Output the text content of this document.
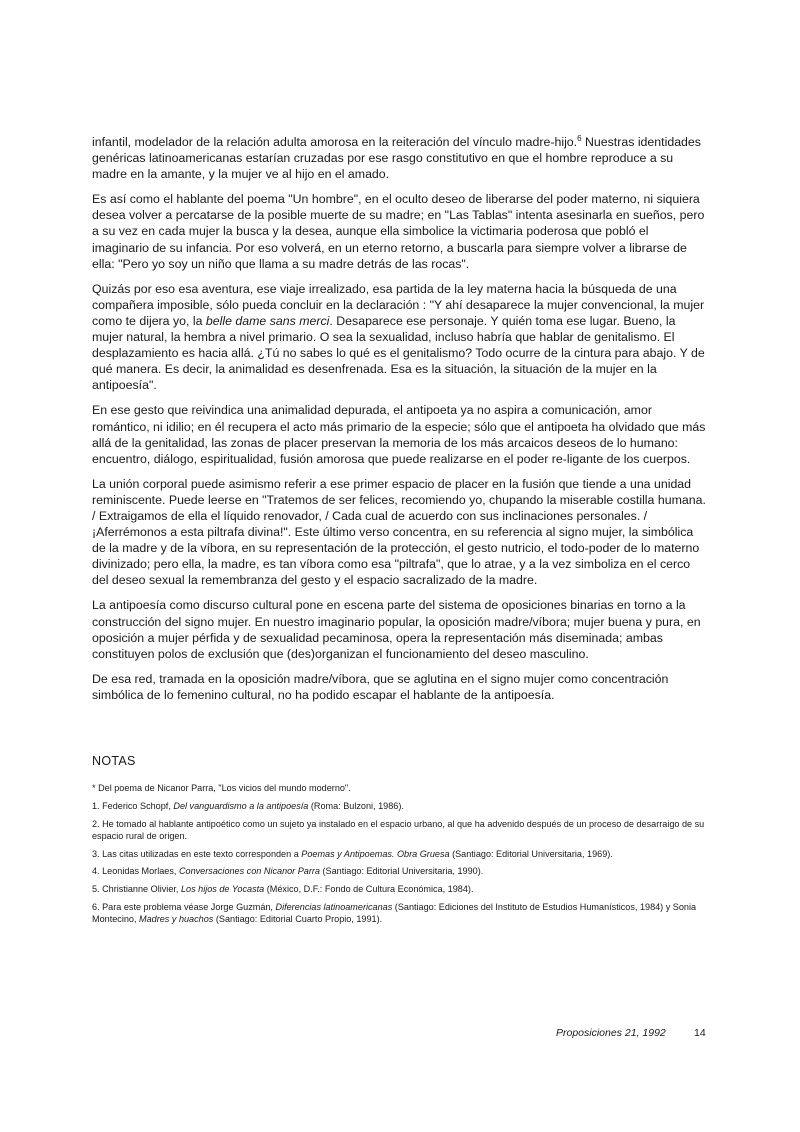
infantil, modelador de la relación adulta amorosa en la reiteración del vínculo madre-hijo.$^6$ Nuestras identidades genéricas latinoamericanas estarían cruzadas por ese rasgo constitutivo en que el hombre reproduce a su madre en la amante, y la mujer ve al hijo en el amado.

Es así como el hablante del poema "Un hombre", en el oculto deseo de liberarse del poder materno, ni siquiera desea volver a percatarse de la posible muerte de su madre; en "Las Tablas" intenta asesinarla en sueños, pero a su vez en cada mujer la busca y la desea, aunque ella simbolice la victimaria poderosa que pobló el imaginario de su infancia. Por eso volverá, en un eterno retorno, a buscarla para siempre volver a librarse de ella: "Pero yo soy un niño que llama a su madre detrás de las rocas".

Quizás por eso esa aventura, ese viaje irrealizado, esa partida de la ley materna hacia la búsqueda de una compañera imposible, sólo pueda concluir en la declaración : "Y ahí desaparece la mujer convencional, la mujer como te dijera yo, la belle dame sans merci. Desaparece ese personaje. Y quién toma ese lugar. Bueno, la mujer natural, la hembra a nivel primario. O sea la sexualidad, incluso habría que hablar de genitalismo. El desplazamiento es hacia allá. ¿Tú no sabes lo qué es el genitalismo? Todo ocurre de la cintura para abajo. Y de qué manera. Es decir, la animalidad es desenfrenada. Esa es la situación, la situación de la mujer en la antipoesía".

En ese gesto que reivindica una animalidad depurada, el antipoeta ya no aspira a comunicación, amor romántico, ni idilio; en él recupera el acto más primario de la especie; sólo que el antipoeta ha olvidado que más allá de la genitalidad, las zonas de placer preservan la memoria de los más arcaicos deseos de lo humano: encuentro, diálogo, espiritualidad, fusión amorosa que puede realizarse en el poder re-ligante de los cuerpos.

La unión corporal puede asimismo referir a ese primer espacio de placer en la fusión que tiende a una unidad reminiscente. Puede leerse en "Tratemos de ser felices, recomiendo yo, chupando la miserable costilla humana. / Extraigamos de ella el líquido renovador, / Cada cual de acuerdo con sus inclinaciones personales. / ¡Aferrémonos a esta piltrafa divina!". Este último verso concentra, en su referencia al signo mujer, la simbólica de la madre y de la víbora, en su representación de la protección, el gesto nutricio, el todo-poder de lo materno divinizado; pero ella, la madre, es tan víbora como esa "piltrafa", que lo atrae, y a la vez simboliza en el cerco del deseo sexual la remembranza del gesto y el espacio sacralizado de la madre.

La antipoesía como discurso cultural pone en escena parte del sistema de oposiciones binarias en torno a la construcción del signo mujer. En nuestro imaginario popular, la oposición madre/víbora; mujer buena y pura, en oposición a mujer pérfida y de sexualidad pecaminosa, opera la representación más diseminada; ambas constituyen polos de exclusión que (des)organizan el funcionamiento del deseo masculino.

De esa red, tramada en la oposición madre/víbora, que se aglutina en el signo mujer como concentración simbólica de lo femenino cultural, no ha podido escapar el hablante de la antipoesía.

NOTAS

* Del poema de Nicanor Parra, "Los vicios del mundo moderno".

1. Federico Schopf, Del vanguardismo a la antipoesía (Roma: Bulzoni, 1986).

2. He tomado al hablante antipoético como un sujeto ya instalado en el espacio urbano, al que ha advenido después de un proceso de desarraigo de su espacio rural de origen.

3. Las citas utilizadas en este texto corresponden a Poemas y Antipoemas. Obra Gruesa (Santiago: Editorial Universitaria, 1969).

4. Leonidas Morlaes, Conversaciones con Nicanor Parra (Santiago: Editorial Universitaria, 1990).

5. Christianne Olivier, Los hijos de Yocasta (México, D.F.: Fondo de Cultura Económica, 1984).

6. Para este problema véase Jorge Guzmán, Diferencias latinoamericanas (Santiago: Ediciones del Instituto de Estudios Humanísticos, 1984) y Sonia Montecino, Madres y huachos (Santiago: Editorial Cuarto Propio, 1991).

Proposiciones 21, 1992	14
